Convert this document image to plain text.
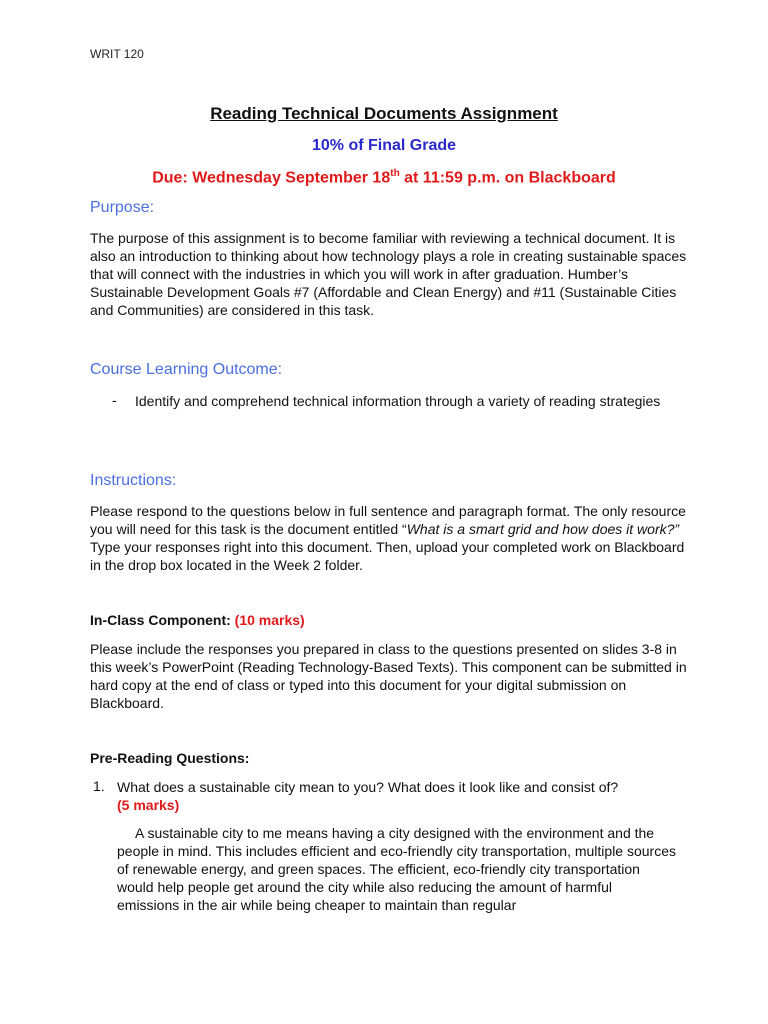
WRIT 120
Reading Technical Documents Assignment
10% of Final Grade
Due: Wednesday September 18th at 11:59 p.m. on Blackboard
Purpose:

The purpose of this assignment is to become familiar with reviewing a technical document. It is also an introduction to thinking about how technology plays a role in creating sustainable spaces that will connect with the industries in which you will work in after graduation. Humber’s Sustainable Development Goals #7 (Affordable and Clean Energy) and #11 (Sustainable Cities and Communities) are considered in this task.

Course Learning Outcome:
- Identify and comprehend technical information through a variety of reading strategies
Instructions:

Please respond to the questions below in full sentence and paragraph format. The only resource you will need for this task is the document entitled “What is a smart grid and how does it work?” Type your responses right into this document. Then, upload your completed work on Blackboard in the drop box located in the Week 2 folder.

In-Class Component: (10 marks)

Please include the responses you prepared in class to the questions presented on slides 3-8 in this week’s PowerPoint (Reading Technology-Based Texts). This component can be submitted in hard copy at the end of class or typed into this document for your digital submission on Blackboard.

Pre-Reading Questions:
1. What does a sustainable city mean to you? What does it look like and consist of?
(5 marks)

A sustainable city to me means having a city designed with the environment and the people in mind. This includes efficient and eco-friendly city transportation, multiple sources of renewable energy, and green spaces. The efficient, eco-friendly city transportation would help people get around the city while also reducing the amount of harmful emissions in the air while being cheaper to maintain than regular
